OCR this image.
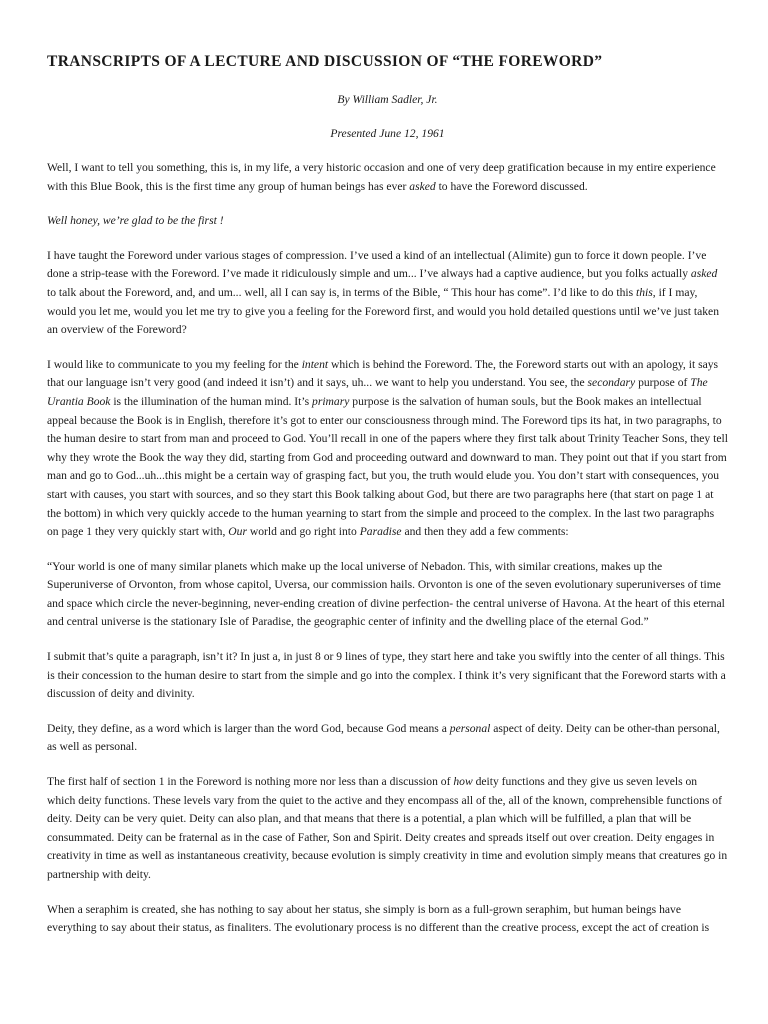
TRANSCRIPTS OF A LECTURE AND DISCUSSION OF “THE FOREWORD”

By William Sadler, Jr.

Presented June 12, 1961

Well, I want to tell you something, this is, in my life, a very historic occasion and one of very deep gratification because in my entire experience with this Blue Book, this is the first time any group of human beings has ever asked to have the Foreword discussed.

Well honey, we’re glad to be the first !

I have taught the Foreword under various stages of compression. I’ve used a kind of an intellectual (Alimite) gun to force it down people. I’ve done a strip-tease with the Foreword. I’ve made it ridiculously simple and um... I’ve always had a captive audience, but you folks actually asked to talk about the Foreword, and, and um... well, all I can say is, in terms of the Bible, “ This hour has come”. I’d like to do this this, if I may, would you let me, would you let me try to give you a feeling for the Foreword first, and would you hold detailed questions until we’ve just taken an overview of the Foreword?

I would like to communicate to you my feeling for the intent which is behind the Foreword. The, the Foreword starts out with an apology, it says that our language isn’t very good (and indeed it isn’t) and it says, uh... we want to help you understand. You see, the secondary purpose of The Urantia Book is the illumination of the human mind. It’s primary purpose is the salvation of human souls, but the Book makes an intellectual appeal because the Book is in English, therefore it’s got to enter our consciousness through mind. The Foreword tips its hat, in two paragraphs, to the human desire to start from man and proceed to God. You’ll recall in one of the papers where they first talk about Trinity Teacher Sons, they tell why they wrote the Book the way they did, starting from God and proceeding outward and downward to man. They point out that if you start from man and go to God...uh...this might be a certain way of grasping fact, but you, the truth would elude you. You don’t start with consequences, you start with causes, you start with sources, and so they start this Book talking about God, but there are two paragraphs here (that start on page 1 at the bottom) in which very quickly accede to the human yearning to start from the simple and proceed to the complex. In the last two paragraphs on page 1 they very quickly start with, Our world and go right into Paradise and then they add a few comments:

“Your world is one of many similar planets which make up the local universe of Nebadon. This, with similar creations, makes up the Superuniverse of Orvonton, from whose capitol, Uversa, our commission hails. Orvonton is one of the seven evolutionary superuniverses of time and space which circle the never-beginning, never-ending creation of divine perfection- the central universe of Havona. At the heart of this eternal and central universe is the stationary Isle of Paradise, the geographic center of infinity and the dwelling place of the eternal God.”

I submit that’s quite a paragraph, isn’t it? In just a, in just 8 or 9 lines of type, they start here and take you swiftly into the center of all things. This is their concession to the human desire to start from the simple and go into the complex. I think it’s very significant that the Foreword starts with a discussion of deity and divinity.

Deity, they define, as a word which is larger than the word God, because God means a personal aspect of deity. Deity can be other-than personal, as well as personal.

The first half of section 1 in the Foreword is nothing more nor less than a discussion of how deity functions and they give us seven levels on which deity functions. These levels vary from the quiet to the active and they encompass all of the, all of the known, comprehensible functions of deity. Deity can be very quiet. Deity can also plan, and that means that there is a potential, a plan which will be fulfilled, a plan that will be consummated. Deity can be fraternal as in the case of Father, Son and Spirit. Deity creates and spreads itself out over creation. Deity engages in creativity in time as well as instantaneous creativity, because evolution is simply creativity in time and evolution simply means that creatures go in partnership with deity.

When a seraphim is created, she has nothing to say about her status, she simply is born as a full-grown seraphim, but human beings have everything to say about their status, as finaliters. The evolutionary process is no different than the creative process, except the act of creation is
